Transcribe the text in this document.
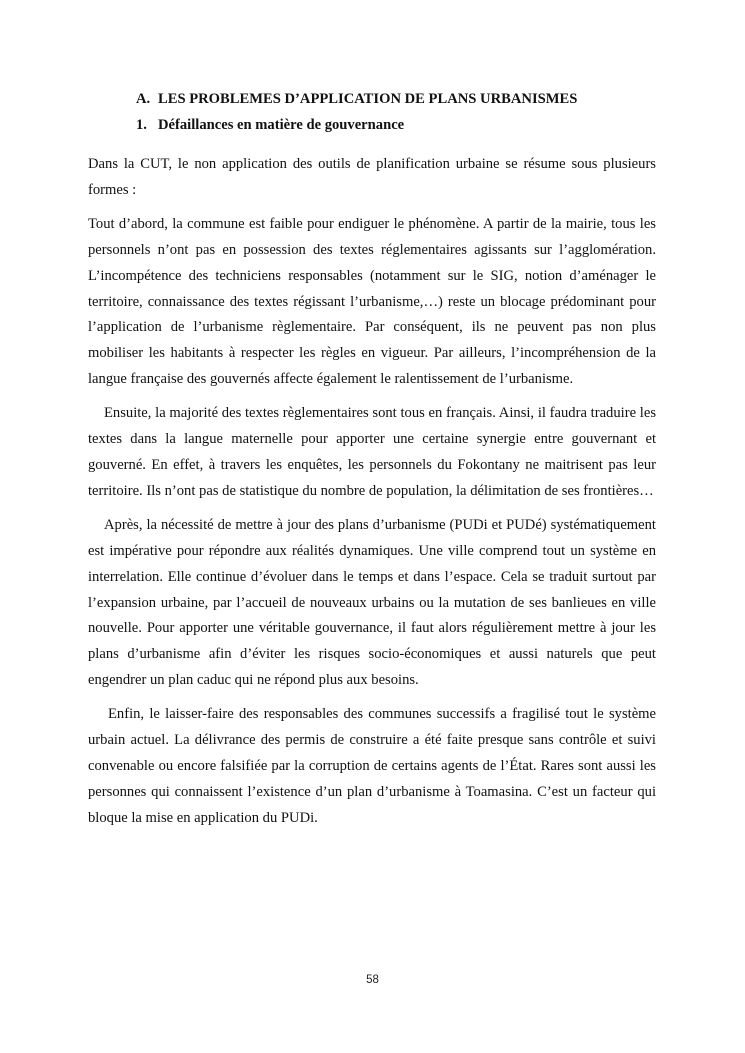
A. LES PROBLEMES D’APPLICATION DE PLANS URBANISMES

1. Défaillances en matière de gouvernance

Dans la CUT, le non application des outils de planification urbaine se résume sous plusieurs formes :

Tout d’abord, la commune est faible pour endiguer le phénomène. A partir de la mairie, tous les personnels n’ont pas en possession des textes réglementaires agissants sur l’agglomération. L’incompétence des techniciens responsables (notamment sur le SIG, notion d’aménager le territoire, connaissance des textes régissant l’urbanisme,…) reste un blocage prédominant pour l’application de l’urbanisme règlementaire. Par conséquent, ils ne peuvent pas non plus mobiliser les habitants à respecter les règles en vigueur. Par ailleurs, l’incompréhension de la langue française des gouvernés affecte également le ralentissement de l’urbanisme.

Ensuite, la majorité des textes règlementaires sont tous en français. Ainsi, il faudra traduire les textes dans la langue maternelle pour apporter une certaine synergie entre gouvernant et gouverné. En effet, à travers les enquêtes, les personnels du Fokontany ne maitrisent pas leur territoire. Ils n’ont pas de statistique du nombre de population, la délimitation de ses frontières…

Après, la nécessité de mettre à jour des plans d’urbanisme (PUDi et PUDé) systématiquement est impérative pour répondre aux réalités dynamiques. Une ville comprend tout un système en interrelation. Elle continue d’évoluer dans le temps et dans l’espace. Cela se traduit surtout par l’expansion urbaine, par l’accueil de nouveaux urbains ou la mutation de ses banlieues en ville nouvelle. Pour apporter une véritable gouvernance, il faut alors régulièrement mettre à jour les plans d’urbanisme afin d’éviter les risques socio-économiques et aussi naturels que peut engendrer un plan caduc qui ne répond plus aux besoins.

Enfin, le laisser-faire des responsables des communes successifs a fragilisé tout le système urbain actuel. La délivrance des permis de construire a été faite presque sans contrôle et suivi convenable ou encore falsifiée par la corruption de certains agents de l’État. Rares sont aussi les personnes qui connaissent l’existence d’un plan d’urbanisme à Toamasina. C’est un facteur qui bloque la mise en application du PUDi.

58
